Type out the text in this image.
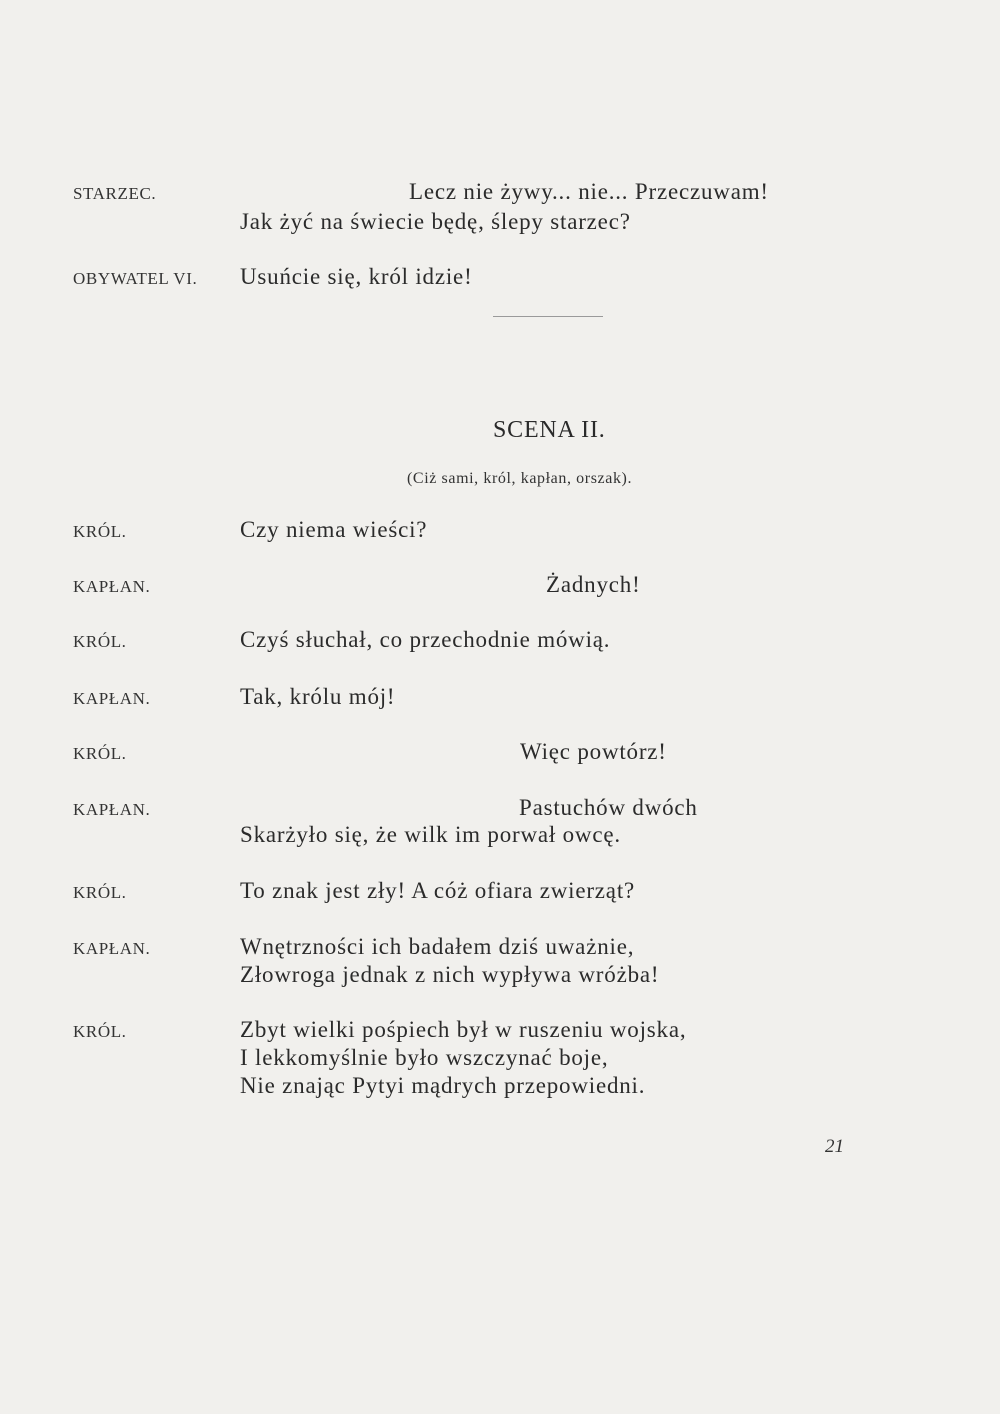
STARZEC.	Lecz nie żywy... nie... Przeczuwam!
Jak żyć na świecie będę, ślepy starzec?
OBYWATEL VI. Usuńcie się, król idzie!
SCENA II.
(Ciż sami, król, kapłan, orszak).
KRÓL.	Czy niema wieści?
KAPŁAN.	Żadnych!
KRÓL.	Czyś słuchał, co przechodnie mówią.
KAPŁAN.	Tak, królu mój!
KRÓL.	Więc powtórz!
KAPŁAN.	Pastuchów dwóch
Skarżyło się, że wilk im porwał owcę.
KRÓL.	To znak jest zły! A cóż ofiara zwierząt?
KAPŁAN.	Wnętrzności ich badałem dziś uważnie,
Złowroga jednak z nich wypływa wróżba!
KRÓL.	Zbyt wielki pośpiech był w ruszeniu wojska,
I lekkomyślnie było wszczynać boje,
Nie znając Pytyi mądrych przepowiedni.
21
